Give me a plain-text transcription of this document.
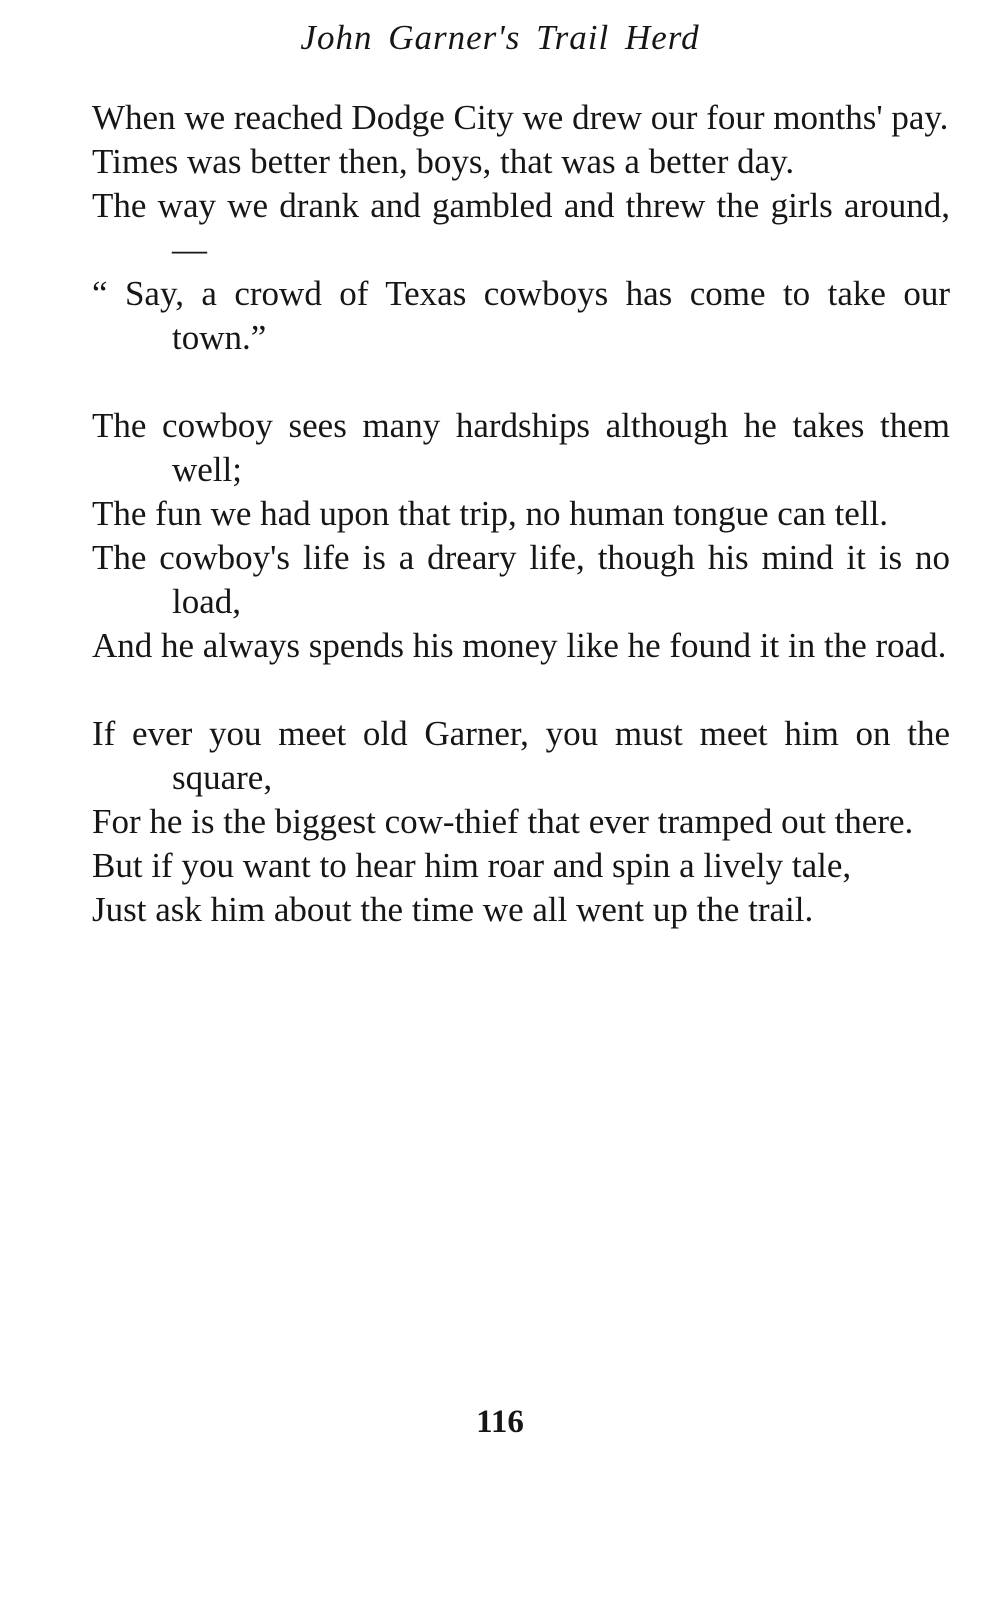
John Garner's Trail Herd
When we reached Dodge City we drew our four months' pay.
Times was better then, boys, that was a better day.
The way we drank and gambled and threw the girls around,—
“ Say, a crowd of Texas cowboys has come to take our town.”
The cowboy sees many hardships although he takes them well;
The fun we had upon that trip, no human tongue can tell.
The cowboy's life is a dreary life, though his mind it is no load,
And he always spends his money like he found it in the road.
If ever you meet old Garner, you must meet him on the square,
For he is the biggest cow-thief that ever tramped out there.
But if you want to hear him roar and spin a lively tale,
Just ask him about the time we all went up the trail.
116
